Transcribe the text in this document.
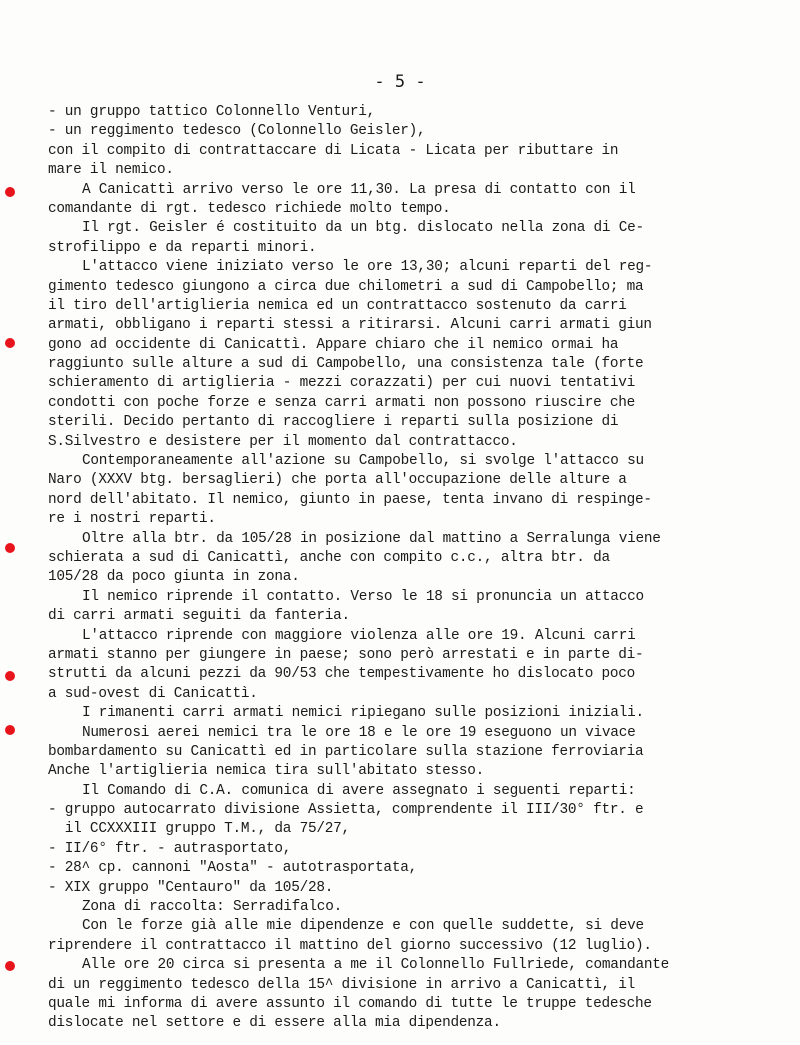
- 5 -
- un gruppo tattico Colonnello Venturi,
- un reggimento tedesco (Colonnello Geisler),
con il compito di contrattaccare di Licata - Licata per ributtare in
mare il nemico.
A Canicattì arrivo verso le ore 11,30. La presa di contatto con il
comandante di rgt. tedesco richiede molto tempo.
Il rgt. Geisler é costituito da un btg. dislocato nella zona di Ce-
strofilippo e da reparti minori.
L'attacco viene iniziato verso le ore 13,30; alcuni reparti del reg-
gimento tedesco giungono a circa due chilometri a sud di Campobello; ma
il tiro dell'artiglieria nemica ed un contrattacco sostenuto da carri
armati, obbligano i reparti stessi a ritirarsi. Alcuni carri armati giun
gono ad occidente di Canicattì. Appare chiaro che il nemico ormai ha
raggiunto sulle alture a sud di Campobello, una consistenza tale (forte
schieramento di artiglieria - mezzi corazzati) per cui nuovi tentativi
condotti con poche forze e senza carri armati non possono riuscire che
sterili. Decido pertanto di raccogliere i reparti sulla posizione di
S.Silvestro e desistere per il momento dal contrattacco.
Contemporaneamente all'azione su Campobello, si svolge l'attacco su
Naro (XXXV btg. bersaglieri) che porta all'occupazione delle alture a
nord dell'abitato. Il nemico, giunto in paese, tenta invano di respinge-
re i nostri reparti.
Oltre alla btr. da 105/28 in posizione dal mattino a Serralunga viene
schierata a sud di Canicattì, anche con compito c.c., altra btr. da
105/28 da poco giunta in zona.
Il nemico riprende il contatto. Verso le 18 si pronuncia un attacco
di carri armati seguiti da fanteria.
L'attacco riprende con maggiore violenza alle ore 19. Alcuni carri
armati stanno per giungere in paese; sono però arrestati e in parte di-
strutti da alcuni pezzi da 90/53 che tempestivamente ho dislocato poco
a sud-ovest di Canicattì.
I rimanenti carri armati nemici ripiegano sulle posizioni iniziali.
Numerosi aerei nemici tra le ore 18 e le ore 19 eseguono un vivace
bombardamento su Canicattì ed in particolare sulla stazione ferroviaria
Anche l'artiglieria nemica tira sull'abitato stesso.
Il Comando di C.A. comunica di avere assegnato i seguenti reparti:
- gruppo autocarrato divisione Assietta, comprendente il III/30° ftr. e
il CCXXXIII gruppo T.M., da 75/27,
- II/6° ftr. - autrasportato,
- 28^ cp. cannoni "Aosta" - autotrasportata,
- XIX gruppo "Centauro" da 105/28.
Zona di raccolta: Serradifalco.
Con le forze già alle mie dipendenze e con quelle suddette, si deve
riprendere il contrattacco il mattino del giorno successivo (12 luglio).
Alle ore 20 circa si presenta a me il Colonnello Fullriede, comandante
di un reggimento tedesco della 15^ divisione in arrivo a Canicattì, il
quale mi informa di avere assunto il comando di tutte le truppe tedesche
dislocate nel settore e di essere alla mia dipendenza.
